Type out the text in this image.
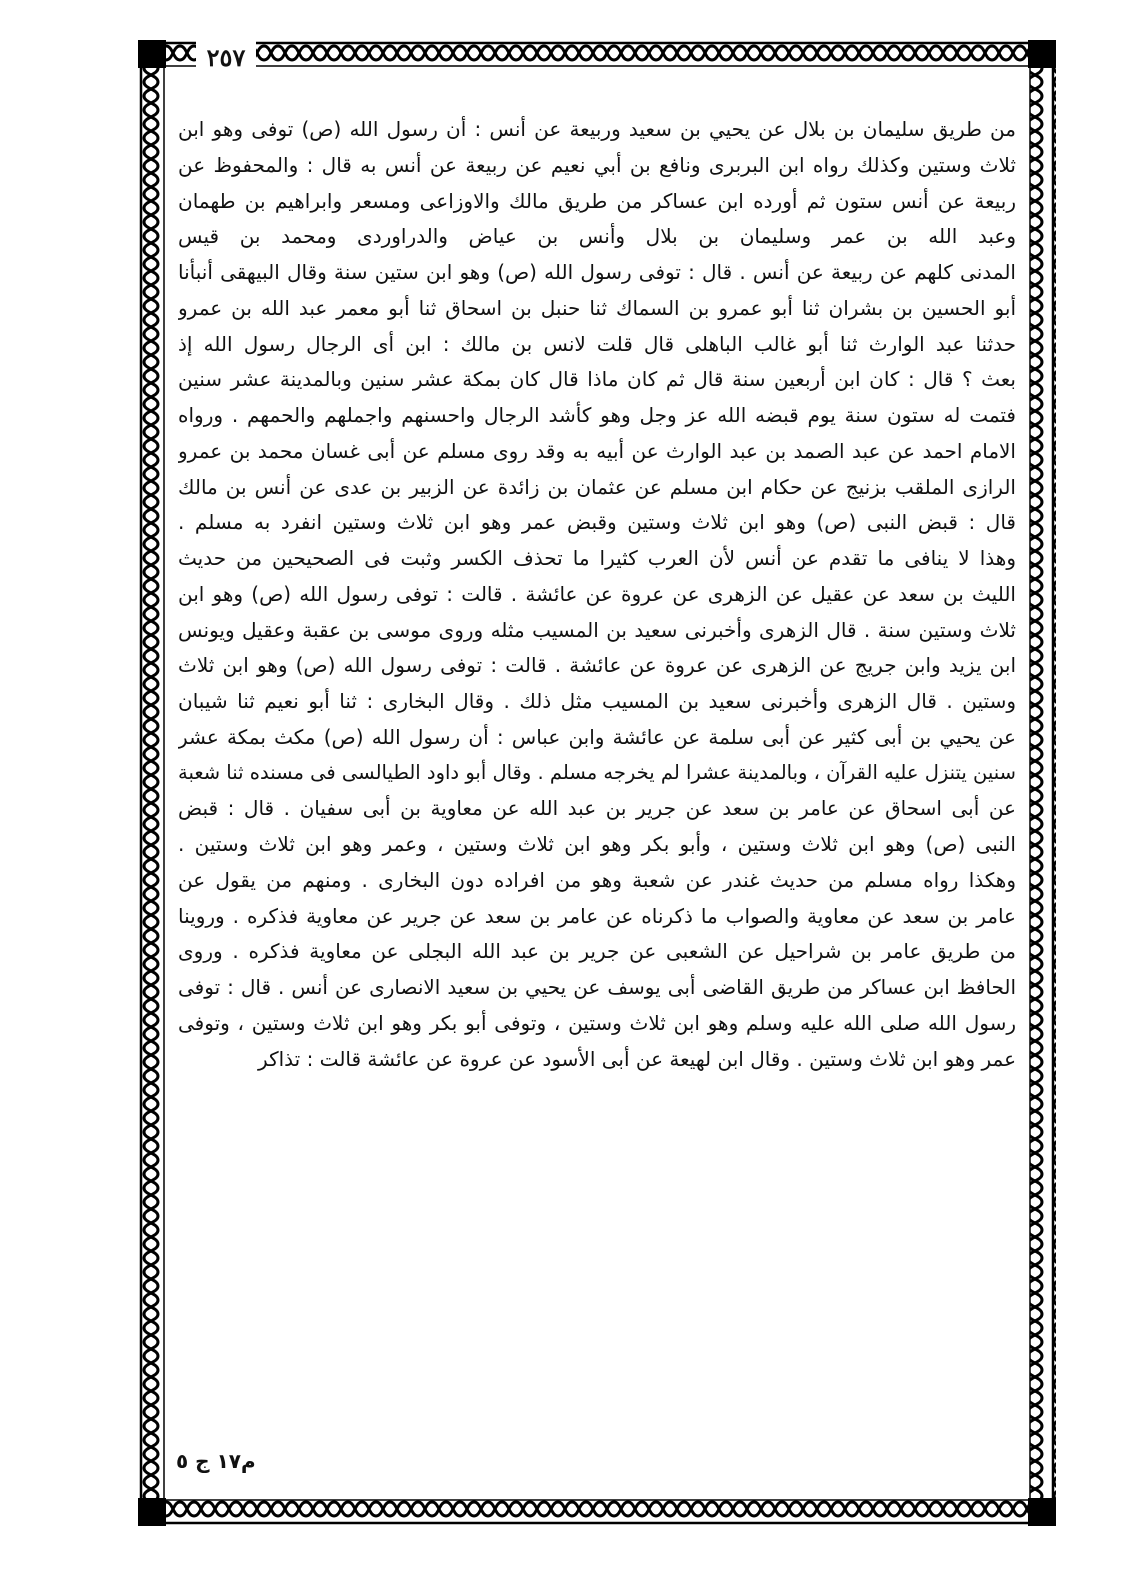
٢٥٧
من طريق سليمان بن بلال عن يحيي بن سعيد وربيعة عن أنس : أن رسول الله (ص) توفى وهو ابن
ثلاث وستين وكذلك رواه ابن البربرى ونافع بن أبي نعيم عن ربيعة عن أنس به قال : والمحفوظ عن
ربيعة عن أنس ستون ثم أورده ابن عساكر من طريق مالك والاوزاعى ومسعر وابراهيم بن طهمان
وعبد الله بن عمر وسليمان بن بلال وأنس بن عياض والدراوردى ومحمد بن قيس
المدنى كلهم عن ربيعة عن أنس . قال : توفى رسول الله (ص) وهو ابن ستين سنة وقال البيهقى أنبأنا
أبو الحسين بن بشران ثنا أبو عمرو بن السماك ثنا حنبل بن اسحاق ثنا أبو معمر عبد الله بن عمرو
حدثنا عبد الوارث ثنا أبو غالب الباهلى قال قلت لانس بن مالك : ابن أى الرجال رسول الله إذ
بعث ؟ قال : كان ابن أربعين سنة قال ثم كان ماذا قال كان بمكة عشر سنين وبالمدينة عشر سنين
فتمت له ستون سنة يوم قبضه الله عز وجل وهو كأشد الرجال واحسنهم واجملهم والحمهم . ورواه
الامام احمد عن عبد الصمد بن عبد الوارث عن أبيه به وقد روى مسلم عن أبى غسان محمد بن عمرو
الرازى الملقب بزنيج عن حكام ابن مسلم عن عثمان بن زائدة عن الزبير بن عدى عن أنس بن مالك
قال : قبض النبى (ص) وهو ابن ثلاث وستين وقبض عمر وهو ابن ثلاث وستين انفرد به مسلم .
وهذا لا ينافى ما تقدم عن أنس لأن العرب كثيرا ما تحذف الكسر وثبت فى الصحيحين من حديث
الليث بن سعد عن عقيل عن الزهرى عن عروة عن عائشة . قالت : توفى رسول الله (ص) وهو ابن
ثلاث وستين سنة . قال الزهرى وأخبرنى سعيد بن المسيب مثله وروى موسى بن عقبة وعقيل ويونس
ابن يزيد وابن جريج عن الزهرى عن عروة عن عائشة . قالت : توفى رسول الله (ص) وهو ابن ثلاث
وستين . قال الزهرى وأخبرنى سعيد بن المسيب مثل ذلك . وقال البخارى : ثنا أبو نعيم ثنا شيبان
عن يحيي بن أبى كثير عن أبى سلمة عن عائشة وابن عباس : أن رسول الله (ص) مكث بمكة عشر
سنين يتنزل عليه القرآن ، وبالمدينة عشرا لم يخرجه مسلم . وقال أبو داود الطيالسى فى مسنده ثنا شعبة
عن أبى اسحاق عن عامر بن سعد عن جرير بن عبد الله عن معاوية بن أبى سفيان . قال : قبض
النبى (ص) وهو ابن ثلاث وستين ، وأبو بكر وهو ابن ثلاث وستين ، وعمر وهو ابن ثلاث وستين .
وهكذا رواه مسلم من حديث غندر عن شعبة وهو من افراده دون البخارى . ومنهم من يقول عن
عامر بن سعد عن معاوية والصواب ما ذكرناه عن عامر بن سعد عن جرير عن معاوية فذكره . وروينا
من طريق عامر بن شراحيل عن الشعبى عن جرير بن عبد الله البجلى عن معاوية فذكره . وروى
الحافظ ابن عساكر من طريق القاضى أبى يوسف عن يحيي بن سعيد الانصارى عن أنس . قال : توفى
رسول الله صلى الله عليه وسلم وهو ابن ثلاث وستين ، وتوفى أبو بكر وهو ابن ثلاث وستين ، وتوفى
عمر وهو ابن ثلاث وستين . وقال ابن لهيعة عن أبى الأسود عن عروة عن عائشة قالت : تذاكر
م١٧ ج ٥
